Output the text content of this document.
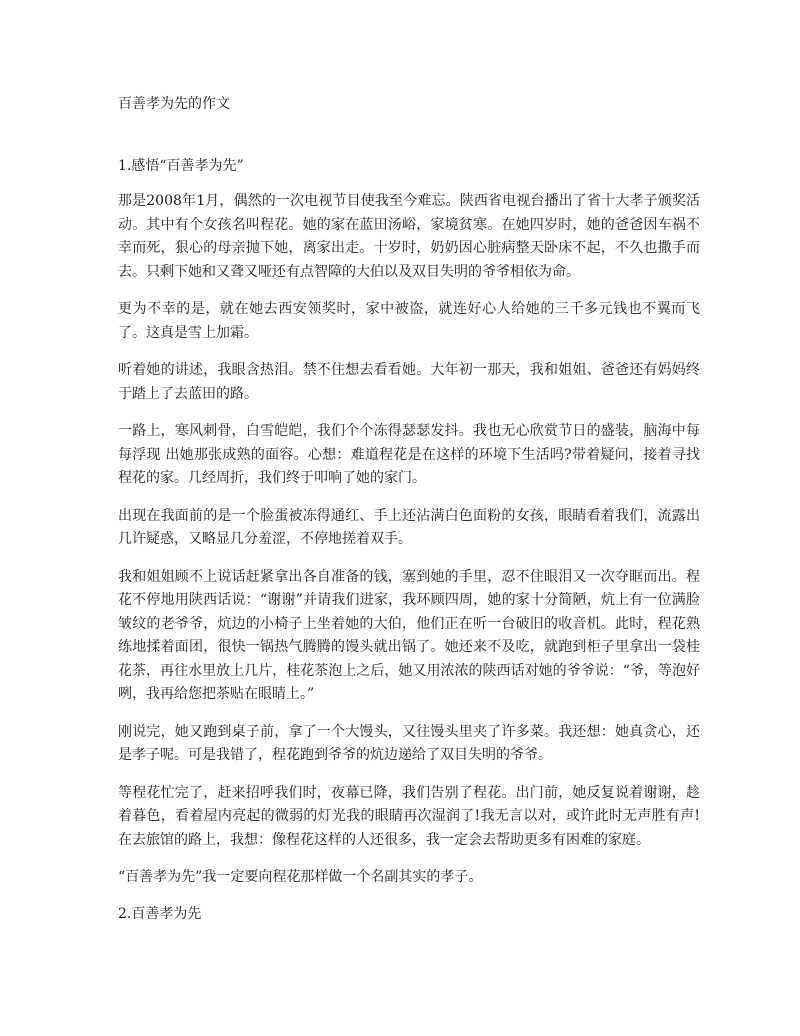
百善孝为先的作文

1.感悟“百善孝为先”

那是2008年1月，偶然的一次电视节目使我至今难忘。陕西省电视台播出了省十大孝子颁奖活动。其中有个女孩名叫程花。她的家在蓝田汤峪，家境贫寒。在她四岁时，她的爸爸因车祸不幸而死，狠心的母亲抛下她，离家出走。十岁时，奶奶因心脏病整天卧床不起，不久也撒手而去。只剩下她和又聋又哑还有点智障的大伯以及双目失明的爷爷相依为命。

更为不幸的是，就在她去西安领奖时，家中被盗，就连好心人给她的三千多元钱也不翼而飞了。这真是雪上加霜。

听着她的讲述，我眼含热泪。禁不住想去看看她。大年初一那天，我和姐姐、爸爸还有妈妈终于踏上了去蓝田的路。

一路上，寒风刺骨，白雪皑皑，我们个个冻得瑟瑟发抖。我也无心欣赏节日的盛装，脑海中每每浮现 出她那张成熟的面容。心想：难道程花是在这样的环境下生活吗?带着疑问，接着寻找程花的家。几经周折，我们终于叩响了她的家门。

出现在我面前的是一个脸蛋被冻得通红、手上还沾满白色面粉的女孩，眼睛看着我们，流露出几许疑惑，又略显几分羞涩，不停地搓着双手。

我和姐姐顾不上说话赶紧拿出各自准备的钱，塞到她的手里，忍不住眼泪又一次夺眶而出。程花不停地用陕西话说：“谢谢”并请我们进家，我环顾四周，她的家十分简陋，炕上有一位满脸皱纹的老爷爷，炕边的小椅子上坐着她的大伯，他们正在听一台破旧的收音机。此时，程花熟练地揉着面团，很快一锅热气腾腾的馒头就出锅了。她还来不及吃，就跑到柜子里拿出一袋桂花茶，再往水里放上几片，桂花茶泡上之后，她又用浓浓的陕西话对她的爷爷说：“爷，等泡好咧，我再给您把茶贴在眼睛上。”

刚说完，她又跑到桌子前，拿了一个大馒头，又往馒头里夹了许多菜。我还想：她真贪心，还是孝子呢。可是我错了，程花跑到爷爷的炕边递给了双目失明的爷爷。

等程花忙完了，赶来招呼我们时，夜幕已降，我们告别了程花。出门前，她反复说着谢谢，趁着暮色，看着屋内亮起的微弱的灯光我的眼睛再次湿润了!我无言以对，或许此时无声胜有声!在去旅馆的路上，我想：像程花这样的人还很多，我一定会去帮助更多有困难的家庭。

“百善孝为先”我一定要向程花那样做一个名副其实的孝子。

2.百善孝为先
